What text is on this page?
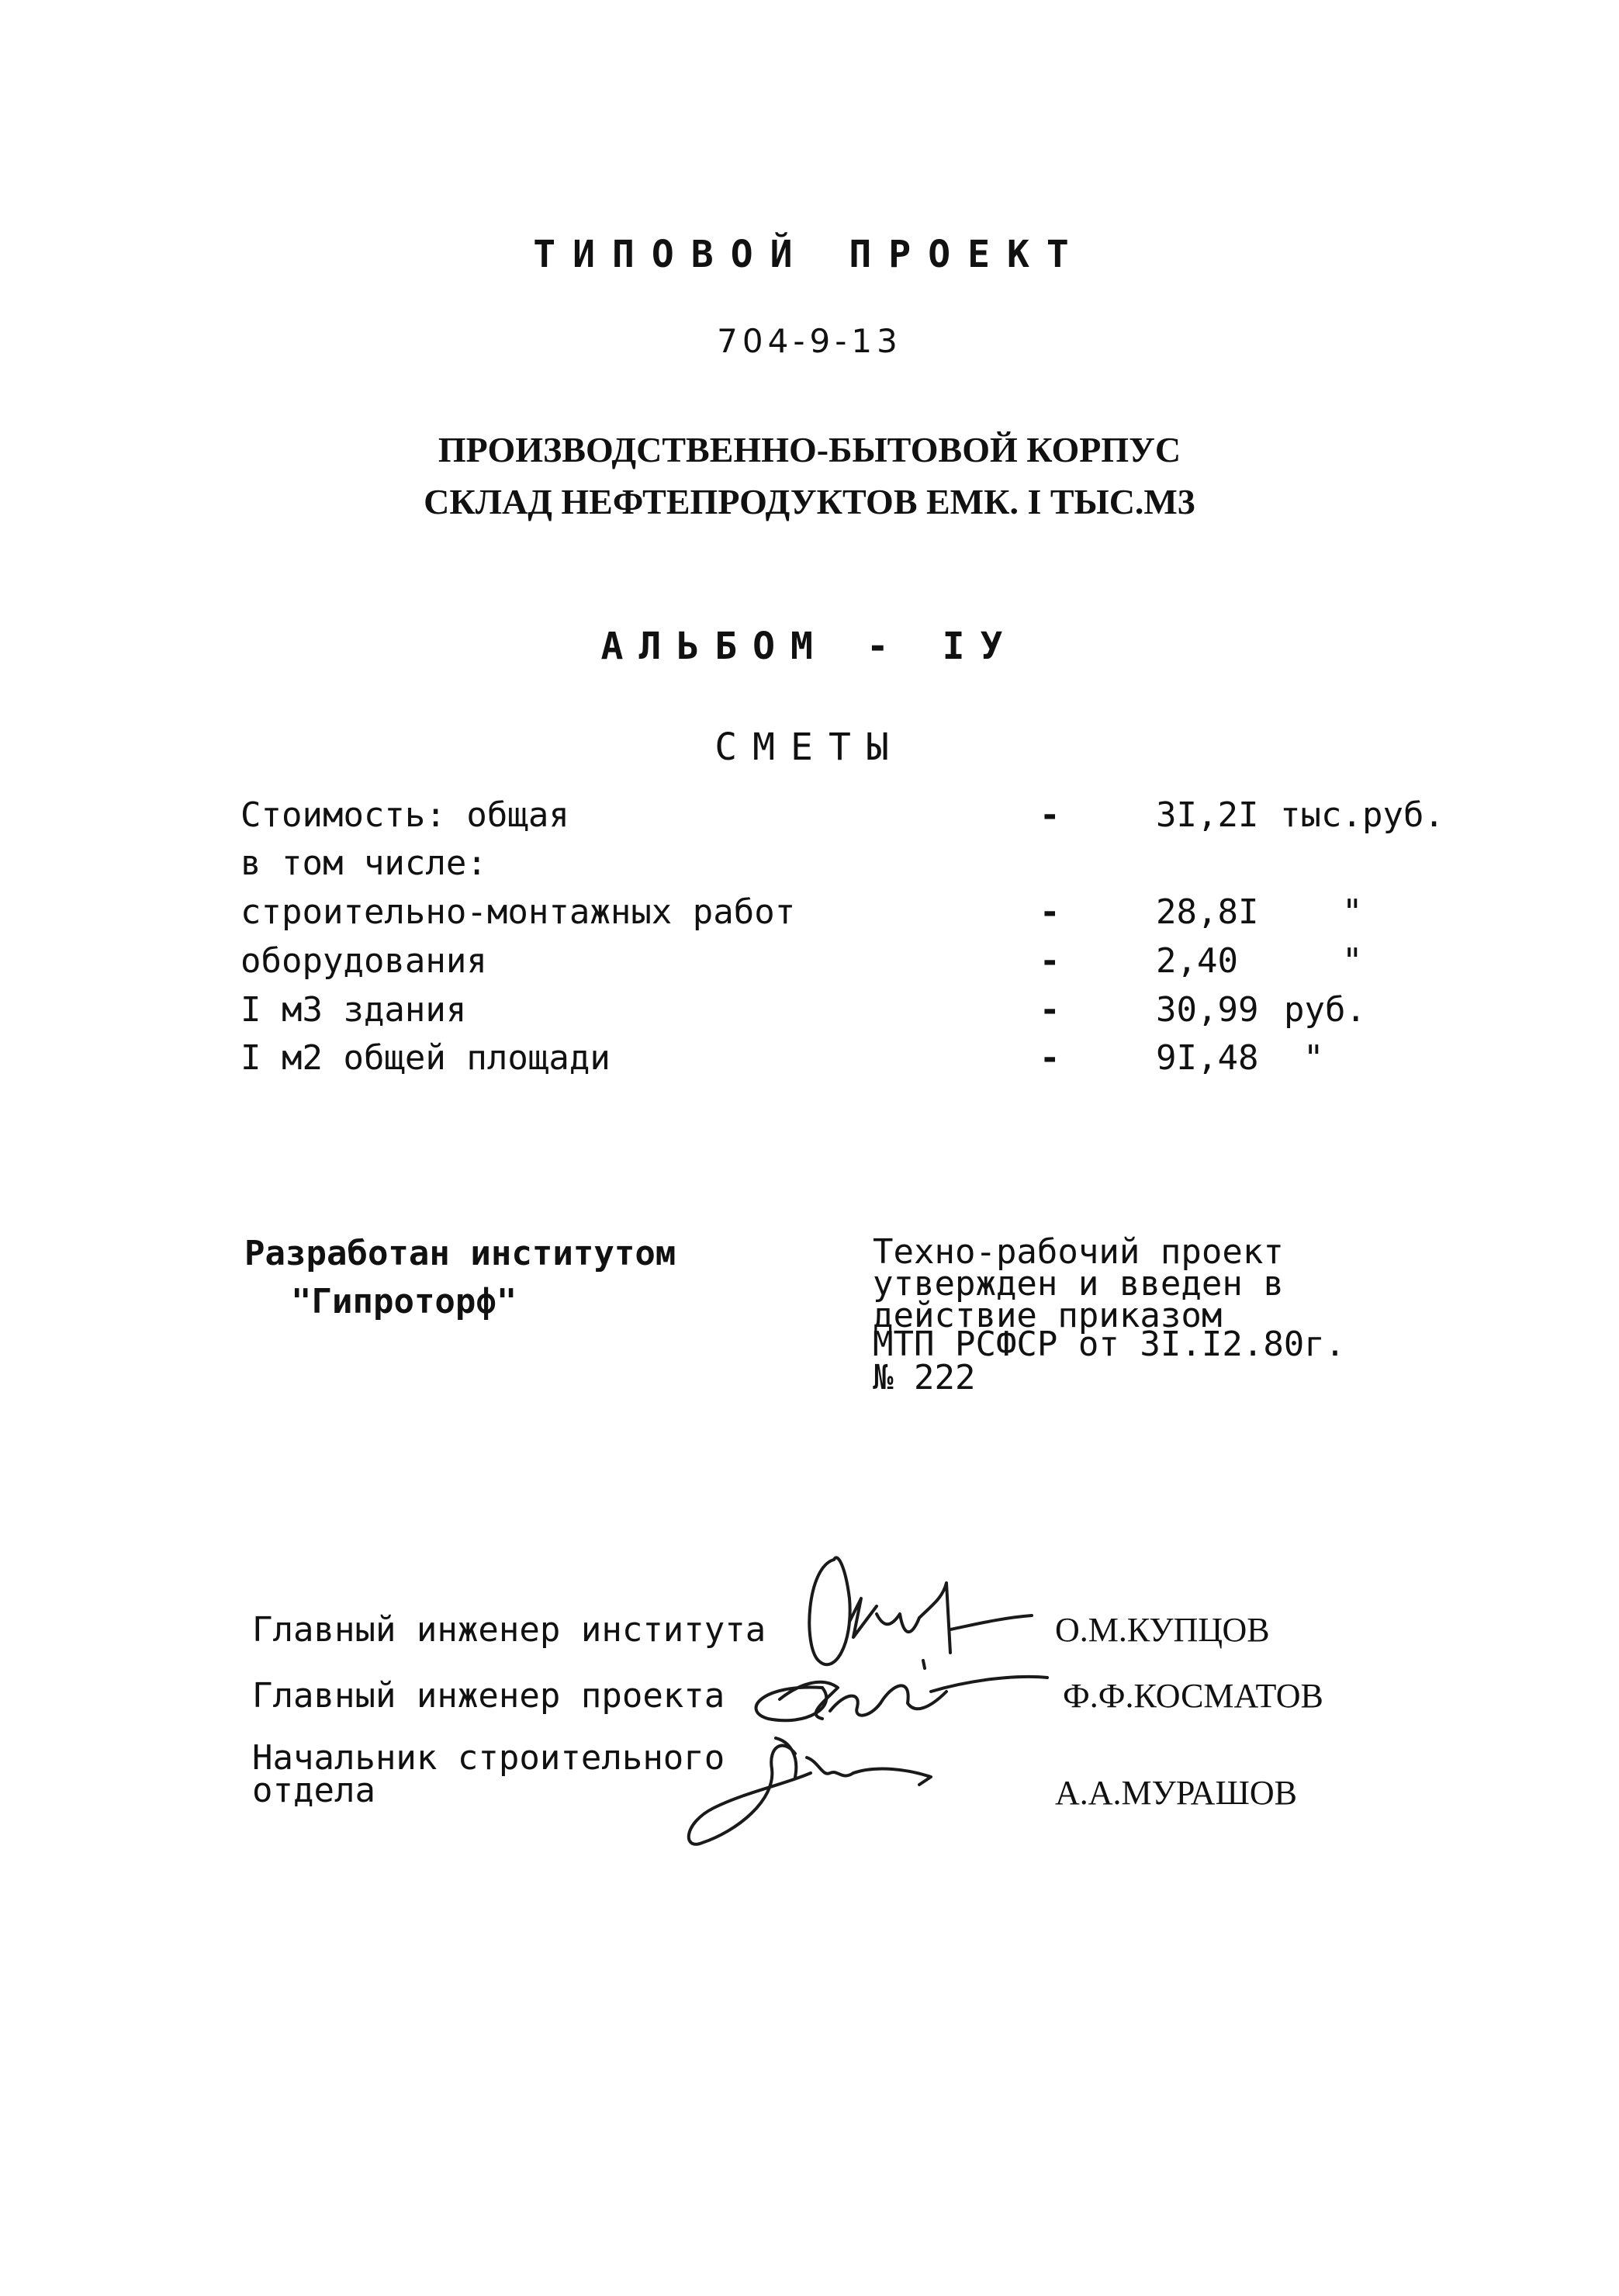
ТИПОВОЙ ПРОЕКТ
704-9-13
ПРОИЗВОДСТВЕННО-БЫТОВОЙ КОРПУС
СКЛАД НЕФТЕПРОДУКТОВ ЕМК. I ТЫС.М3
АЛЬБОМ - IУ
СМЕТЫ
Стоимость: общая	-	3I,2I тыс.руб.
в том числе:
строительно-монтажных работ	-	28,8I "
оборудования	-	2,40	"
I м3 здания	-	30,99 руб.
I м2 общей площади	-	9I,48 "
Разработан институтом
"Гипроторф"
Техно-рабочий проект
утвержден и введен в
действие приказом
МТП РСФСР от 3I.I2.80г.
№ 222
Главный инженер института	О.М.КУПЦОВ
Главный инженер проекта	Ф.Ф.КОСМАТОВ
Начальник строительного
отдела	А.А.МУРАШОВ
